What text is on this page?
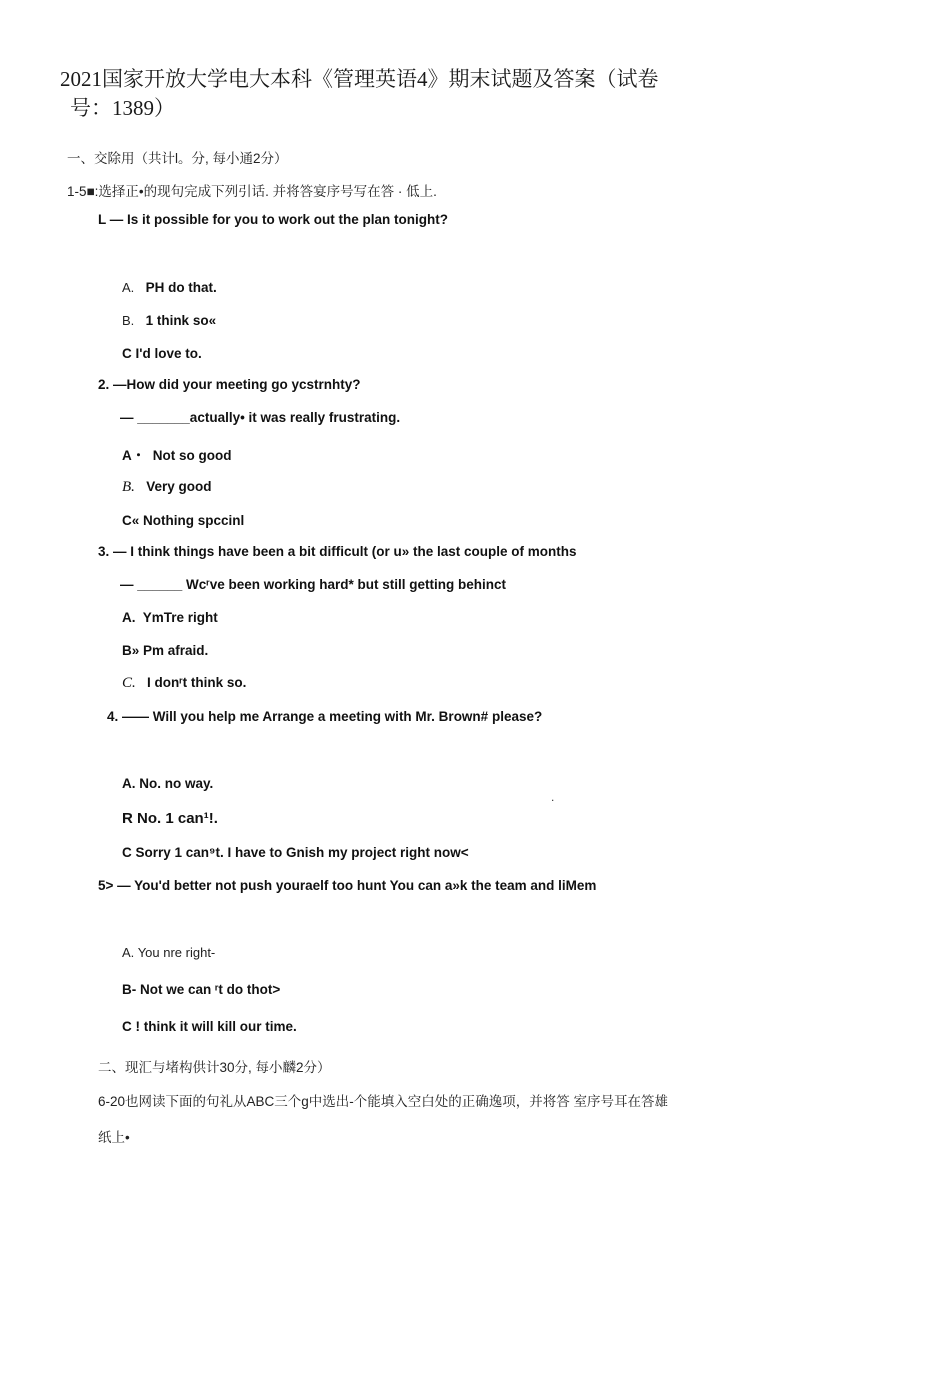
2021国家开放大学电大本科《管理英语4》期末试题及答案（试卷
号：1389）
一、交除用（共计l。分, 每小通2分）
1-5■:选择正•的现句完成下列引话. 并将答宴序号写在答 · 低上.
L — Is it possible for you to work out the plan tonight?
A. PH do that.
B. 1 think so«
C I'd love to.
2. —How did your meeting go ycstrnhty?
— _______actually• it was really frustrating.
A・ Not so good
B. Very good
C« Nothing spccinl
3. — I think things have been a bit difficult (or u» the last couple of months
— ______ Wcʳve been working hard* but still getting behinct
A. YmTre right
B» Pm afraid.
C. I donʳt think so.
4. —— Will you help me Arrange a meeting with Mr. Brown# please?
A. No. no way.
.
R No. 1 can¹!.
C Sorry 1 can⁹t. I have to Gnish my project right now<
5> — You'd better not push youraelf too hunt You can a»k the team and liMem
A. You nre right-
B- Not we can ʳt do thot>
C ! think it will kill our time.
二、现汇与堵构供计30分, 每小麟2分）
6-20也网读下面的句礼从ABC三个g中选出-个能填入空白处的正确逸项，并将答 室序号耳在答雄
纸上•
